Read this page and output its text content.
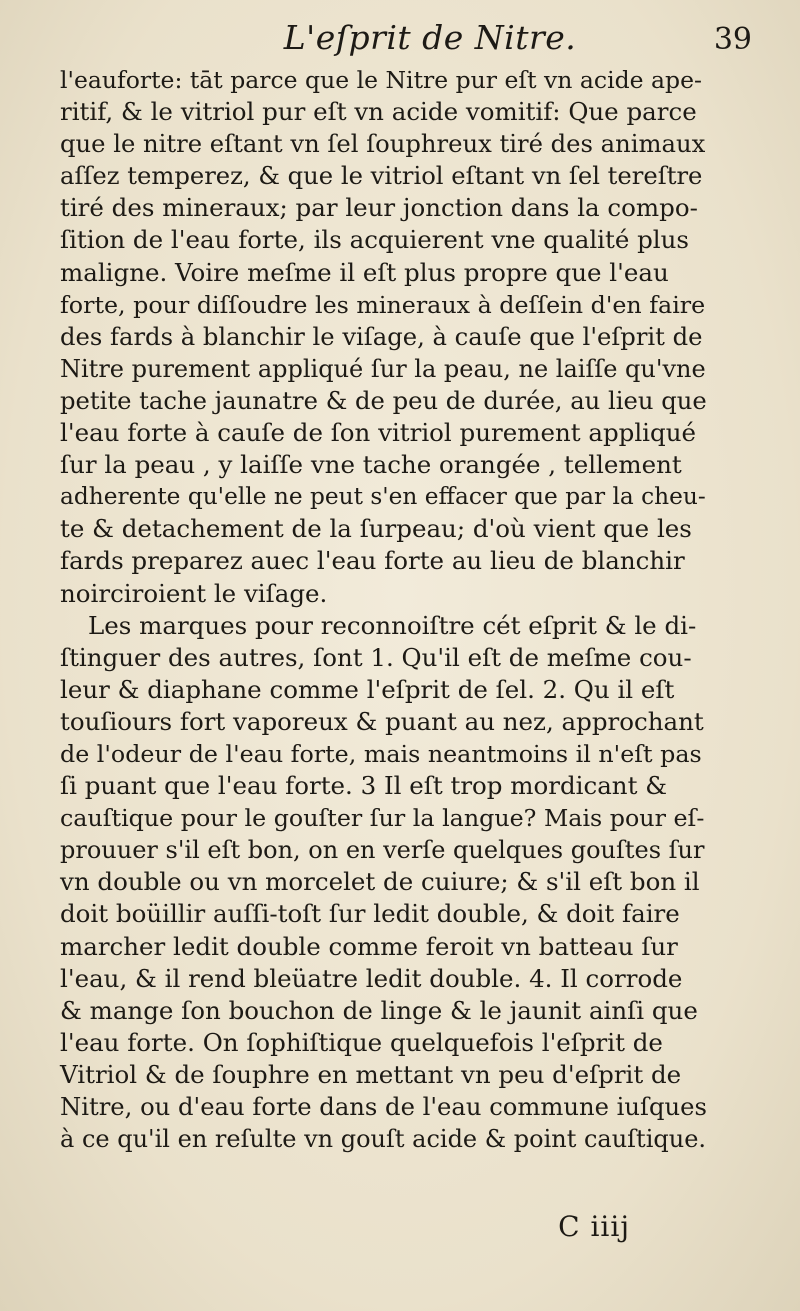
L'eſprit de Nitre.	39
l'eauforte: tāt parce que le Nitre pur eſt vn acide ape-
ritif, & le vitriol pur eſt vn acide vomitif: Que parce
que le nitre eſtant vn ſel ſouphreux tiré des animaux
aſſez temperez, & que le vitriol eſtant vn ſel tereſtre
tiré des mineraux; par leur jonction dans la compo-
ſition de l'eau forte, ils acquierent vne qualité plus
maligne. Voire meſme il eſt plus propre que l'eau
forte, pour diſſoudre les mineraux à deſſein d'en faire
des fards à blanchir le viſage, à cauſe que l'eſprit de
Nitre purement appliqué ſur la peau, ne laiſſe qu'vne
petite tache jaunatre & de peu de durée, au lieu que
l'eau forte à cauſe de ſon vitriol purement appliqué
ſur la peau , y laiſſe vne tache orangée , tellement
adherente qu'elle ne peut s'en effacer que par la cheu-
te & detachement de la ſurpeau; d'où vient que les
fards preparez auec l'eau forte au lieu de blanchir
noirciroient le viſage.
Les marques pour reconnoiſtre cét eſprit & le di-
ſtinguer des autres, ſont 1. Qu'il eſt de meſme cou-
leur & diaphane comme l'eſprit de ſel. 2. Qu il eſt
touſiours fort vaporeux & puant au nez, approchant
de l'odeur de l'eau forte, mais neantmoins il n'eſt pas
ſi puant que l'eau forte. 3 Il eſt trop mordicant &
cauſtique pour le gouſter ſur la langue? Mais pour eſ-
prouuer s'il eſt bon, on en verſe quelques gouſtes ſur
vn double ou vn morcelet de cuiure; & s'il eſt bon il
doit boüillir auſſi-toſt ſur ledit double, & doit faire
marcher ledit double comme feroit vn batteau ſur
l'eau, & il rend bleüatre ledit double. 4. Il corrode
& mange ſon bouchon de linge & le jaunit ainſi que
l'eau forte. On ſophiſtique quelquefois l'eſprit de
Vitriol & de ſouphre en mettant vn peu d'eſprit de
Nitre, ou d'eau forte dans de l'eau commune iuſques
à ce qu'il en reſulte vn gouſt acide & point cauſtique.
C iiij
